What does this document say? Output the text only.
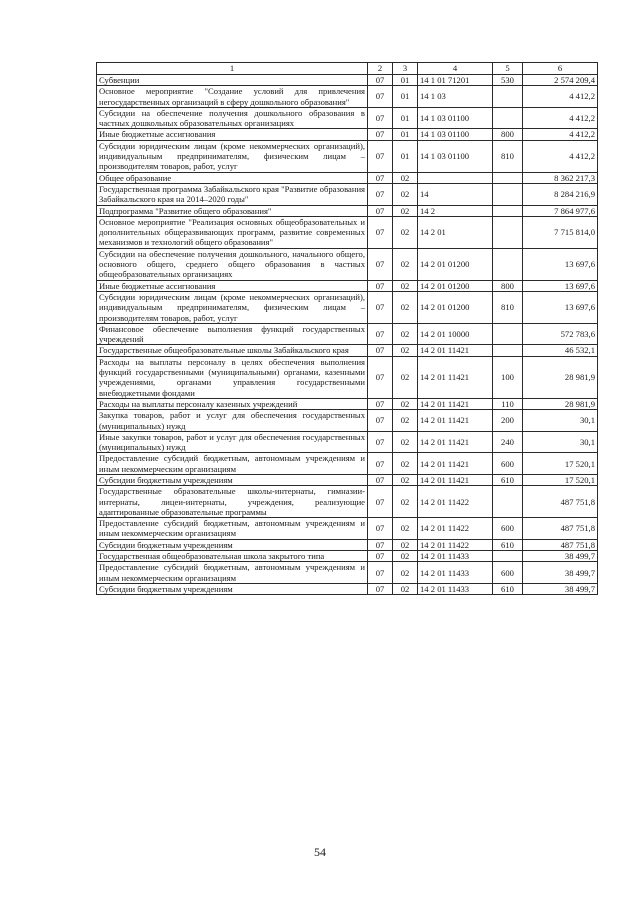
1	2	3	4	5	6
Субвенции	07	01	14 1 01 71201	530	2 574 209,4
Основное мероприятие "Создание условий для привлечения негосударственных организаций в сферу дошкольного образования"	07	01	14 1 03		4 412,2
Субсидии на обеспечение получения дошкольного образования в частных дошкольных образовательных организациях	07	01	14 1 03 01100		4 412,2
Иные бюджетные ассигнования	07	01	14 1 03 01100	800	4 412,2
Субсидии юридическим лицам (кроме некоммерческих организаций), индивидуальным предпринимателям, физическим лицам – производителям товаров, работ, услуг	07	01	14 1 03 01100	810	4 412,2
Общее образование	07	02			8 362 217,3
Государственная программа Забайкальского края "Развитие образования Забайкальского края на 2014–2020 годы"	07	02	14		8 284 216,9
Подпрограмма "Развитие общего образования"	07	02	14 2		7 864 977,6
Основное мероприятие "Реализация основных общеобразовательных и дополнительных общеразвивающих программ, развитие современных механизмов и технологий общего образования"	07	02	14 2 01		7 715 814,0
Субсидии на обеспечение получения дошкольного, начального общего, основного общего, среднего общего образования в частных общеобразовательных организациях	07	02	14 2 01 01200		13 697,6
Иные бюджетные ассигнования	07	02	14 2 01 01200	800	13 697,6
Субсидии юридическим лицам (кроме некоммерческих организаций), индивидуальным предпринимателям, физическим лицам – производителям товаров, работ, услуг	07	02	14 2 01 01200	810	13 697,6
Финансовое обеспечение выполнения функций государственных учреждений	07	02	14 2 01 10000		572 783,6
Государственные общеобразовательные школы Забайкальского края	07	02	14 2 01 11421		46 532,1
Расходы на выплаты персоналу в целях обеспечения выполнения функций государственными (муниципальными) органами, казенными учреждениями, органами управления государственными внебюджетными фондами	07	02	14 2 01 11421	100	28 981,9
Расходы на выплаты персоналу казенных учреждений	07	02	14 2 01 11421	110	28 981,9
Закупка товаров, работ и услуг для обеспечения государственных (муниципальных) нужд	07	02	14 2 01 11421	200	30,1
Иные закупки товаров, работ и услуг для обеспечения государственных (муниципальных) нужд	07	02	14 2 01 11421	240	30,1
Предоставление субсидий бюджетным, автономным учреждениям и иным некоммерческим организациям	07	02	14 2 01 11421	600	17 520,1
Субсидии бюджетным учреждениям	07	02	14 2 01 11421	610	17 520,1
Государственные образовательные школы-интернаты, гимназии-интернаты, лицеи-интернаты, учреждения, реализующие адаптированные образовательные программы	07	02	14 2 01 11422		487 751,8
Предоставление субсидий бюджетным, автономным учреждениям и иным некоммерческим организациям	07	02	14 2 01 11422	600	487 751,8
Субсидии бюджетным учреждениям	07	02	14 2 01 11422	610	487 751,8
Государственная общеобразовательная школа закрытого типа	07	02	14 2 01 11433		38 499,7
Предоставление субсидий бюджетным, автономным учреждениям и иным некоммерческим организациям	07	02	14 2 01 11433	600	38 499,7
Субсидии бюджетным учреждениям	07	02	14 2 01 11433	610	38 499,7
54
